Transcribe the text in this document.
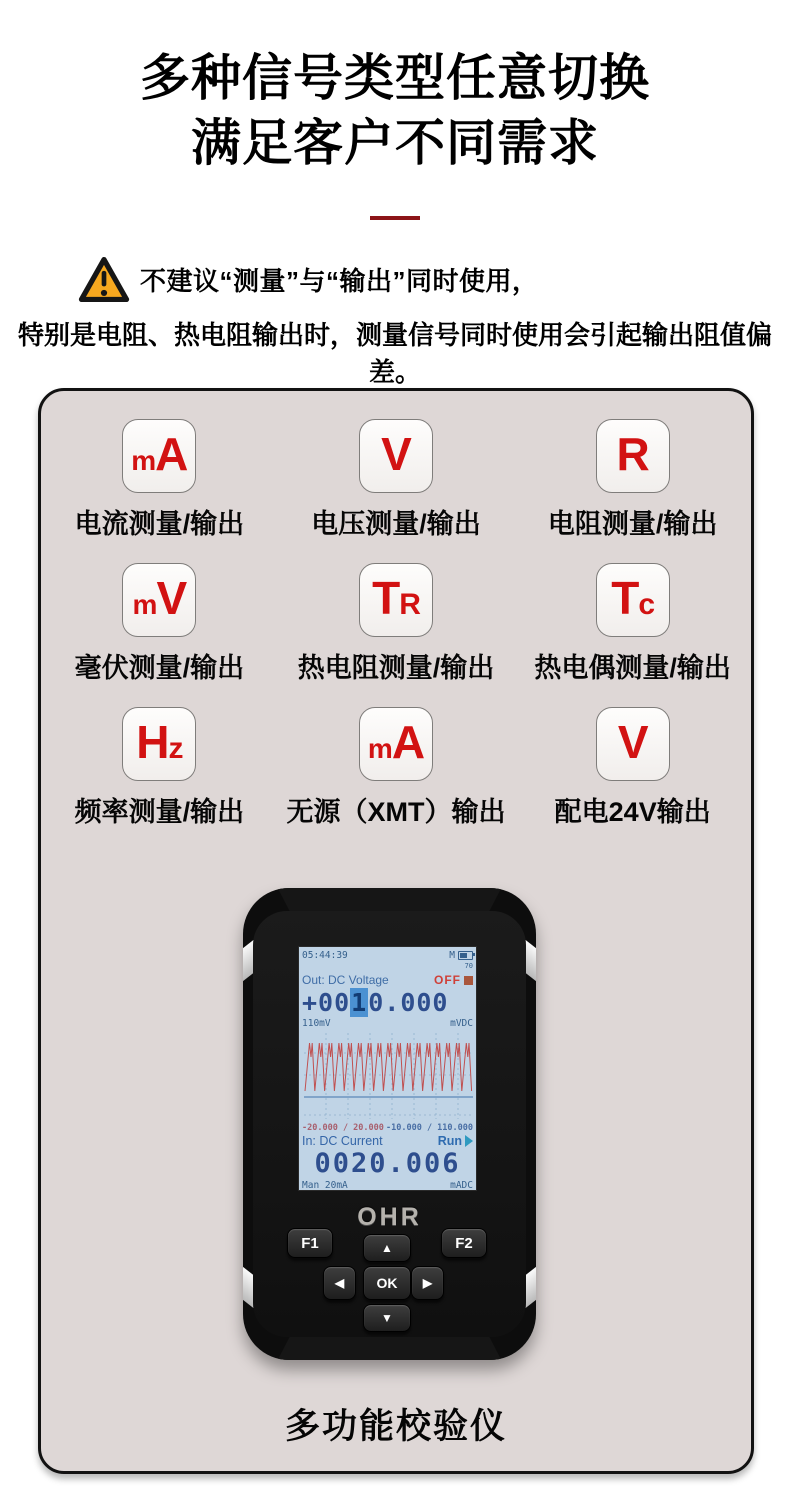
多种信号类型任意切换
满足客户不同需求
不建议“测量”与“输出”同时使用，
特别是电阻、热电阻输出时，测量信号同时使用会引起输出阻值偏差。
mA
电流测量/输出
V
电压测量/输出
R
电阻测量/输出
mV
毫伏测量/输出
TR
热电阻测量/输出
Tc
热电偶测量/输出
Hz
频率测量/输出
mA
无源（XMT）输出
V
配电24V输出
05:44:39	M
70
Out: DC Voltage	OFF
+0010.000
110mV	mVDC
-20.000 / 20.000 -10.000 / 110.000
In: DC Current	Run
0020.006
Man 20mA	mADC
OHR
F1	F2
▲
◀	OK	▶
▼
多功能校验仪
